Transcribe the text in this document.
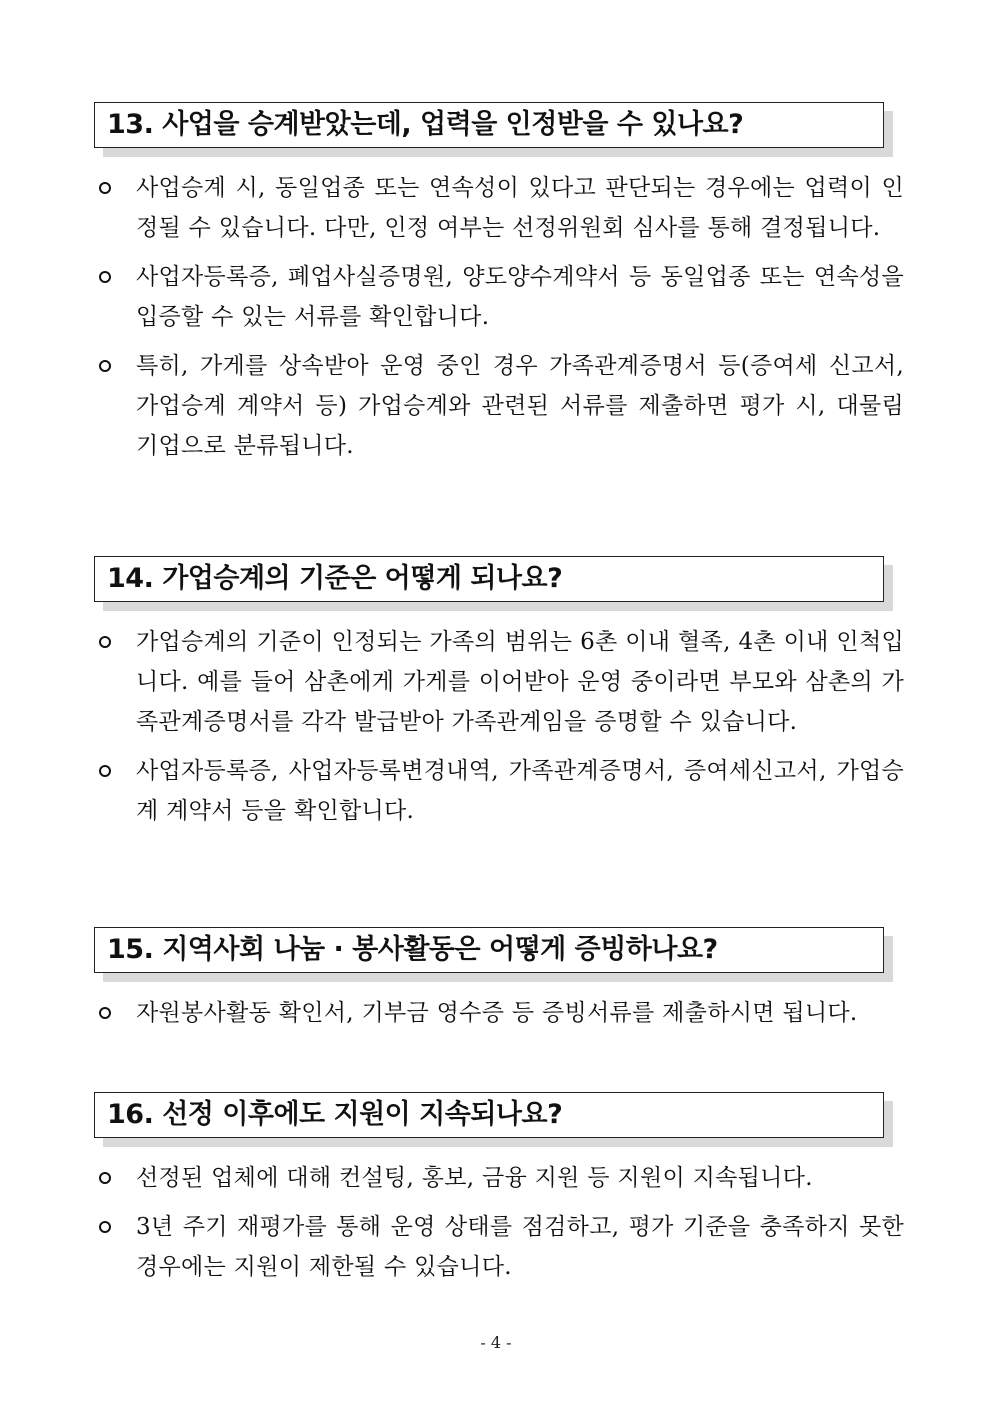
13. 사업을 승계받았는데, 업력을 인정받을 수 있나요?
사업승계 시, 동일업종 또는 연속성이 있다고 판단되는 경우에는 업력이 인정될 수 있습니다. 다만, 인정 여부는 선정위원회 심사를 통해 결정됩니다.
사업자등록증, 폐업사실증명원, 양도양수계약서 등 동일업종 또는 연속성을 입증할 수 있는 서류를 확인합니다.
특히, 가게를 상속받아 운영 중인 경우 가족관계증명서 등(증여세 신고서, 가업승계 계약서 등) 가업승계와 관련된 서류를 제출하면 평가 시, 대물림 기업으로 분류됩니다.
14. 가업승계의 기준은 어떻게 되나요?
가업승계의 기준이 인정되는 가족의 범위는 6촌 이내 혈족, 4촌 이내 인척입니다. 예를 들어 삼촌에게 가게를 이어받아 운영 중이라면 부모와 삼촌의 가족관계증명서를 각각 발급받아 가족관계임을 증명할 수 있습니다.
사업자등록증, 사업자등록변경내역, 가족관계증명서, 증여세신고서, 가업승계 계약서 등을 확인합니다.
15. 지역사회 나눔 · 봉사활동은 어떻게 증빙하나요?
자원봉사활동 확인서, 기부금 영수증 등 증빙서류를 제출하시면 됩니다.
16. 선정 이후에도 지원이 지속되나요?
선정된 업체에 대해 컨설팅, 홍보, 금융 지원 등 지원이 지속됩니다.
3년 주기 재평가를 통해 운영 상태를 점검하고, 평가 기준을 충족하지 못한 경우에는 지원이 제한될 수 있습니다.
- 4 -
